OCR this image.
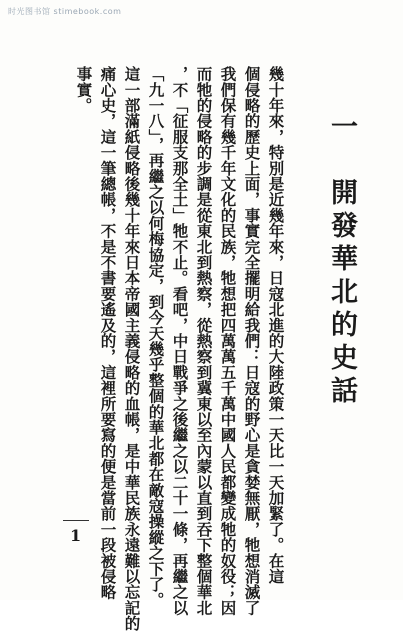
时光图书馆 stimebook.com
一　開發華北的史話
幾十年來，特別是近幾年來，日寇北進的大陸政策一天比一天加緊了。在這
個侵略的歷史上面，事實完全擺明給我們：日寇的野心是貪婪無厭，牠想消滅了
我們保有幾千年文化的民族，牠想把四萬萬五千萬中國人民都變成牠的奴役；因
而牠的侵略的步調是從東北到熱察，從熱察到冀東以至內蒙以直到吞下整個華北
，不「征服支那全土」牠不止。看吧，中日戰爭之後繼之以二十一條，再繼之以
「九一八」，再繼之以何梅協定，到今天幾乎整個的華北都在敵寇操縱之下了。
這一部滿紙侵略後幾十年來日本帝國主義侵略的血帳，是中華民族永遠難以忘記的
痛心史，這一筆總帳，不是不書要遙及的，這裡所要寫的便是當前一段被侵略
事實。
1
